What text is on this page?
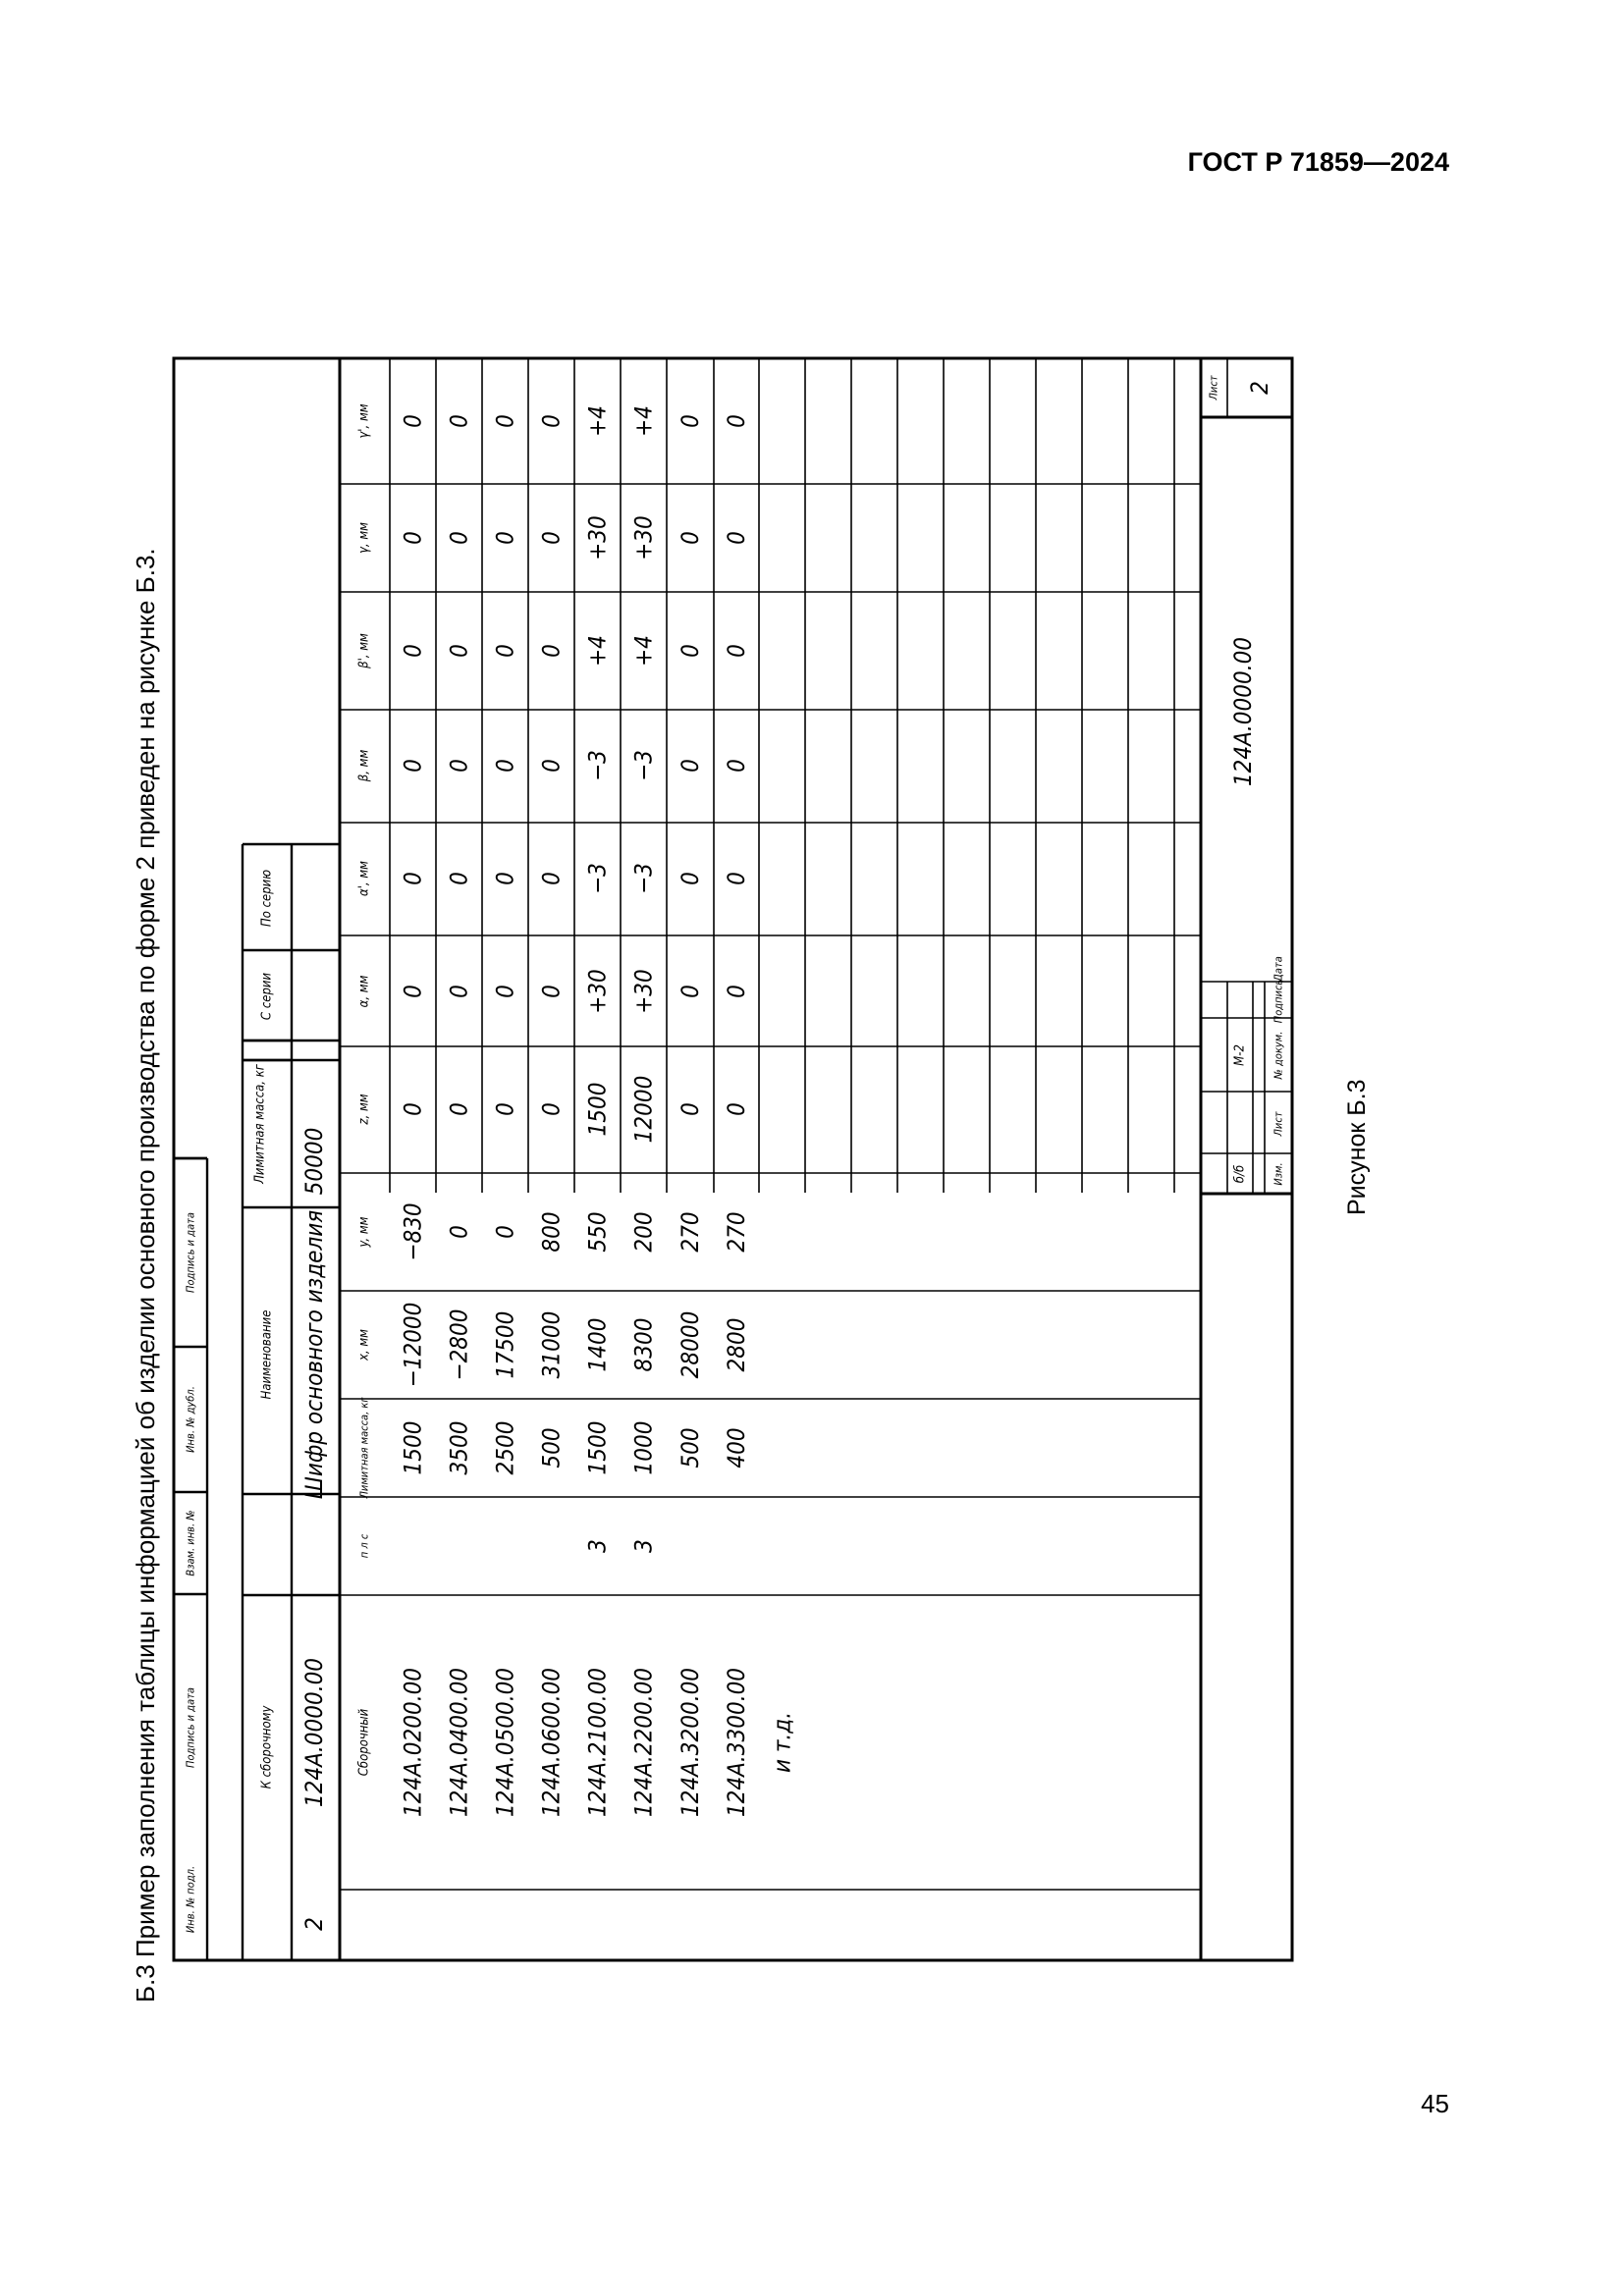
ГОСТ Р 71859—2024
Б.3 Пример заполнения таблицы информацией об изделии основного производства по форме 2 приведен на рисунке Б.3. Инв. № подл.
Подпись и дата
Взам. инв. №
Инв. № дубл.
Подпись и дата
К сборочному
Наименование
Лимитная масса, кг
С серии
По серию
2
124А.0000.00
Шифр основного изделия
50000
Сборочный
п л с
Лимитная масса, кг
x, мм
y, мм
z, мм
α, мм
α', мм
β, мм
β', мм
γ, мм
γ', мм
124А.0200.00
1500
−12000
−830
0
0
0
0
0
0
0
124А.0400.00
3500
−2800
0
0
0
0
0
0
0
0
124А.0500.00
2500
17500
0
0
0
0
0
0
0
0
124А.0600.00
500
31000
800
0
0
0
0
0
0
0
124А.2100.00
3
1500
1400
550
1500
+30
−3
−3
+4
+30
+4
124А.2200.00
3
1000
8300
200
12000
+30
−3
−3
+4
+30
+4
124А.3200.00
500
28000
270
0
0
0
0
0
0
0
124А.3300.00
400
2800
270
0
0
0
0
0
0
0
и т.д.
Изм.
Лист
№ докум.
Подпись
Дата
б/б
М-2
124А.0000.00
Лист 2
Рисунок Б.3
45
